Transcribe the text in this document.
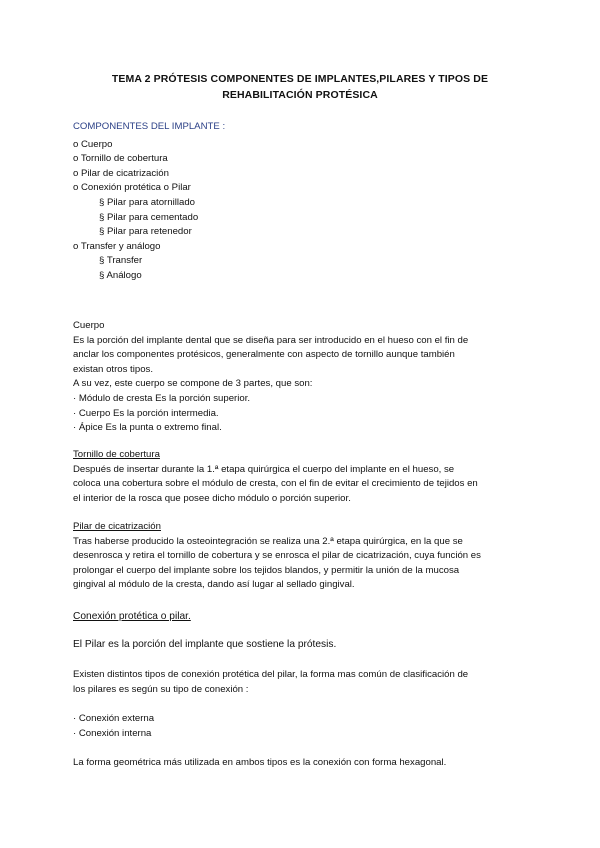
TEMA 2 PRÓTESIS COMPONENTES DE IMPLANTES,PILARES Y TIPOS DE
REHABILITACIÓN PROTÉSICA
COMPONENTES DEL IMPLANTE :
o Cuerpo
o Tornillo de cobertura
o Pilar de cicatrización
o Conexión protética o Pilar
§ Pilar para atornillado
§ Pilar para cementado
§ Pilar para retenedor
o Transfer y análogo
§ Transfer
§ Análogo
Cuerpo
Es la porción del implante dental que se diseña para ser introducido en el hueso con el fin de
anclar los componentes protésicos, generalmente con aspecto de tornillo aunque también
existan otros tipos.
A su vez, este cuerpo se compone de 3 partes, que son:
· Módulo de cresta Es la porción superior.
· Cuerpo Es la porción intermedia.
· Ápice Es la punta o extremo final.
Tornillo de cobertura
Después de insertar durante la 1.ª etapa quirúrgica el cuerpo del implante en el hueso, se
coloca una cobertura sobre el módulo de cresta, con el fin de evitar el crecimiento de tejidos en
el interior de la rosca que posee dicho módulo o porción superior.
Pilar de cicatrización
Tras haberse producido la osteointegración se realiza una 2.ª etapa quirúrgica, en la que se
desenrosca y retira el tornillo de cobertura y se enrosca el pilar de cicatrización, cuya función es
prolongar el cuerpo del implante sobre los tejidos blandos, y permitir la unión de la mucosa
gingival al módulo de la cresta, dando así lugar al sellado gingival.
Conexión protética o pilar.
El Pilar es la porción del implante que sostiene la prótesis.
Existen distintos tipos de conexión protética del pilar, la forma mas común de clasificación de
los pilares es según su tipo de conexión :
· Conexión externa
· Conexión interna
La forma geométrica más utilizada en ambos tipos es la conexión con forma hexagonal.
